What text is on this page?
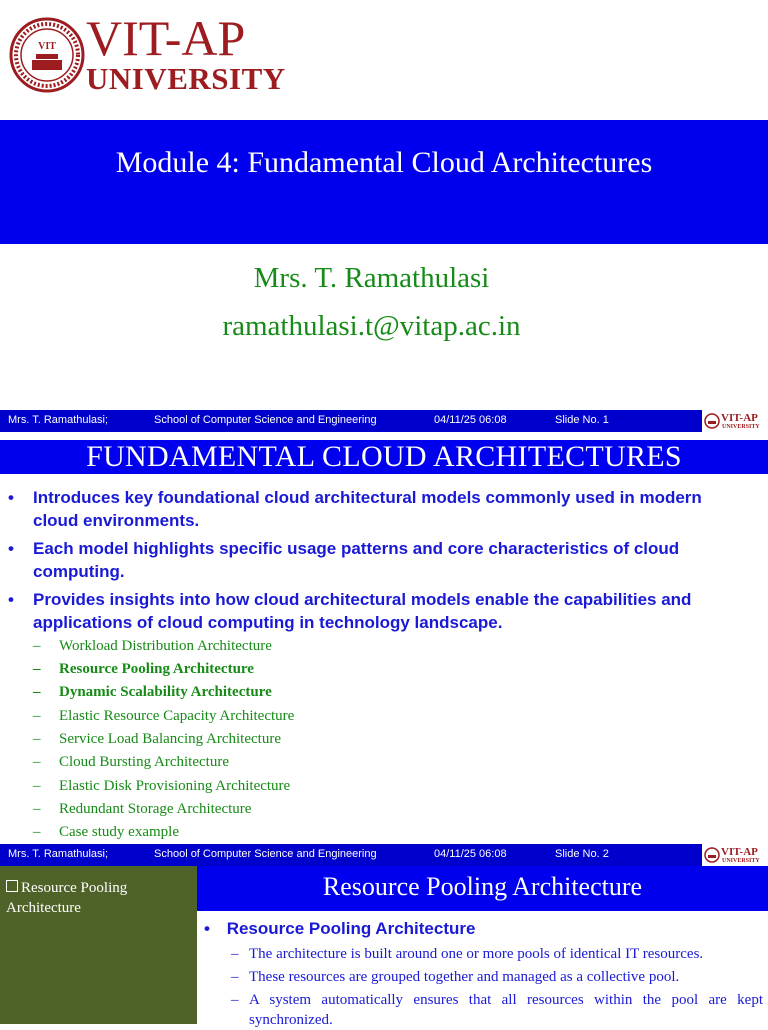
VIT VIT-AP
UNIVERSITY
Module 4: Fundamental Cloud Architectures
Mrs. T. Ramathulasi
ramathulasi.t@vitap.ac.in
Mrs. T. Ramathulasi;	School of Computer Science and Engineering	04/11/25 06:08	Slide No. 1	VIT-AP
UNIVERSITY
FUNDAMENTAL CLOUD ARCHITECTURES
• Introduces key foundational cloud architectural models commonly used in modern cloud environments.
• Each model highlights specific usage patterns and core characteristics of cloud computing.
• Provides insights into how cloud architectural models enable the capabilities and applications of cloud computing in technology landscape.
– Workload Distribution Architecture
– Resource Pooling Architecture
– Dynamic Scalability Architecture
– Elastic Resource Capacity Architecture
– Service Load Balancing Architecture
– Cloud Bursting Architecture
– Elastic Disk Provisioning Architecture
– Redundant Storage Architecture
– Case study example
Mrs. T. Ramathulasi;	School of Computer Science and Engineering	04/11/25 06:08	Slide No. 2	VIT-AP
UNIVERSITY
Resource Pooling Architecture
Resource Pooling Architecture
• Resource Pooling Architecture
– The architecture is built around one or more pools of identical IT resources.
– These resources are grouped together and managed as a collective pool.
– A system automatically ensures that all resources within the pool are kept synchronized.
